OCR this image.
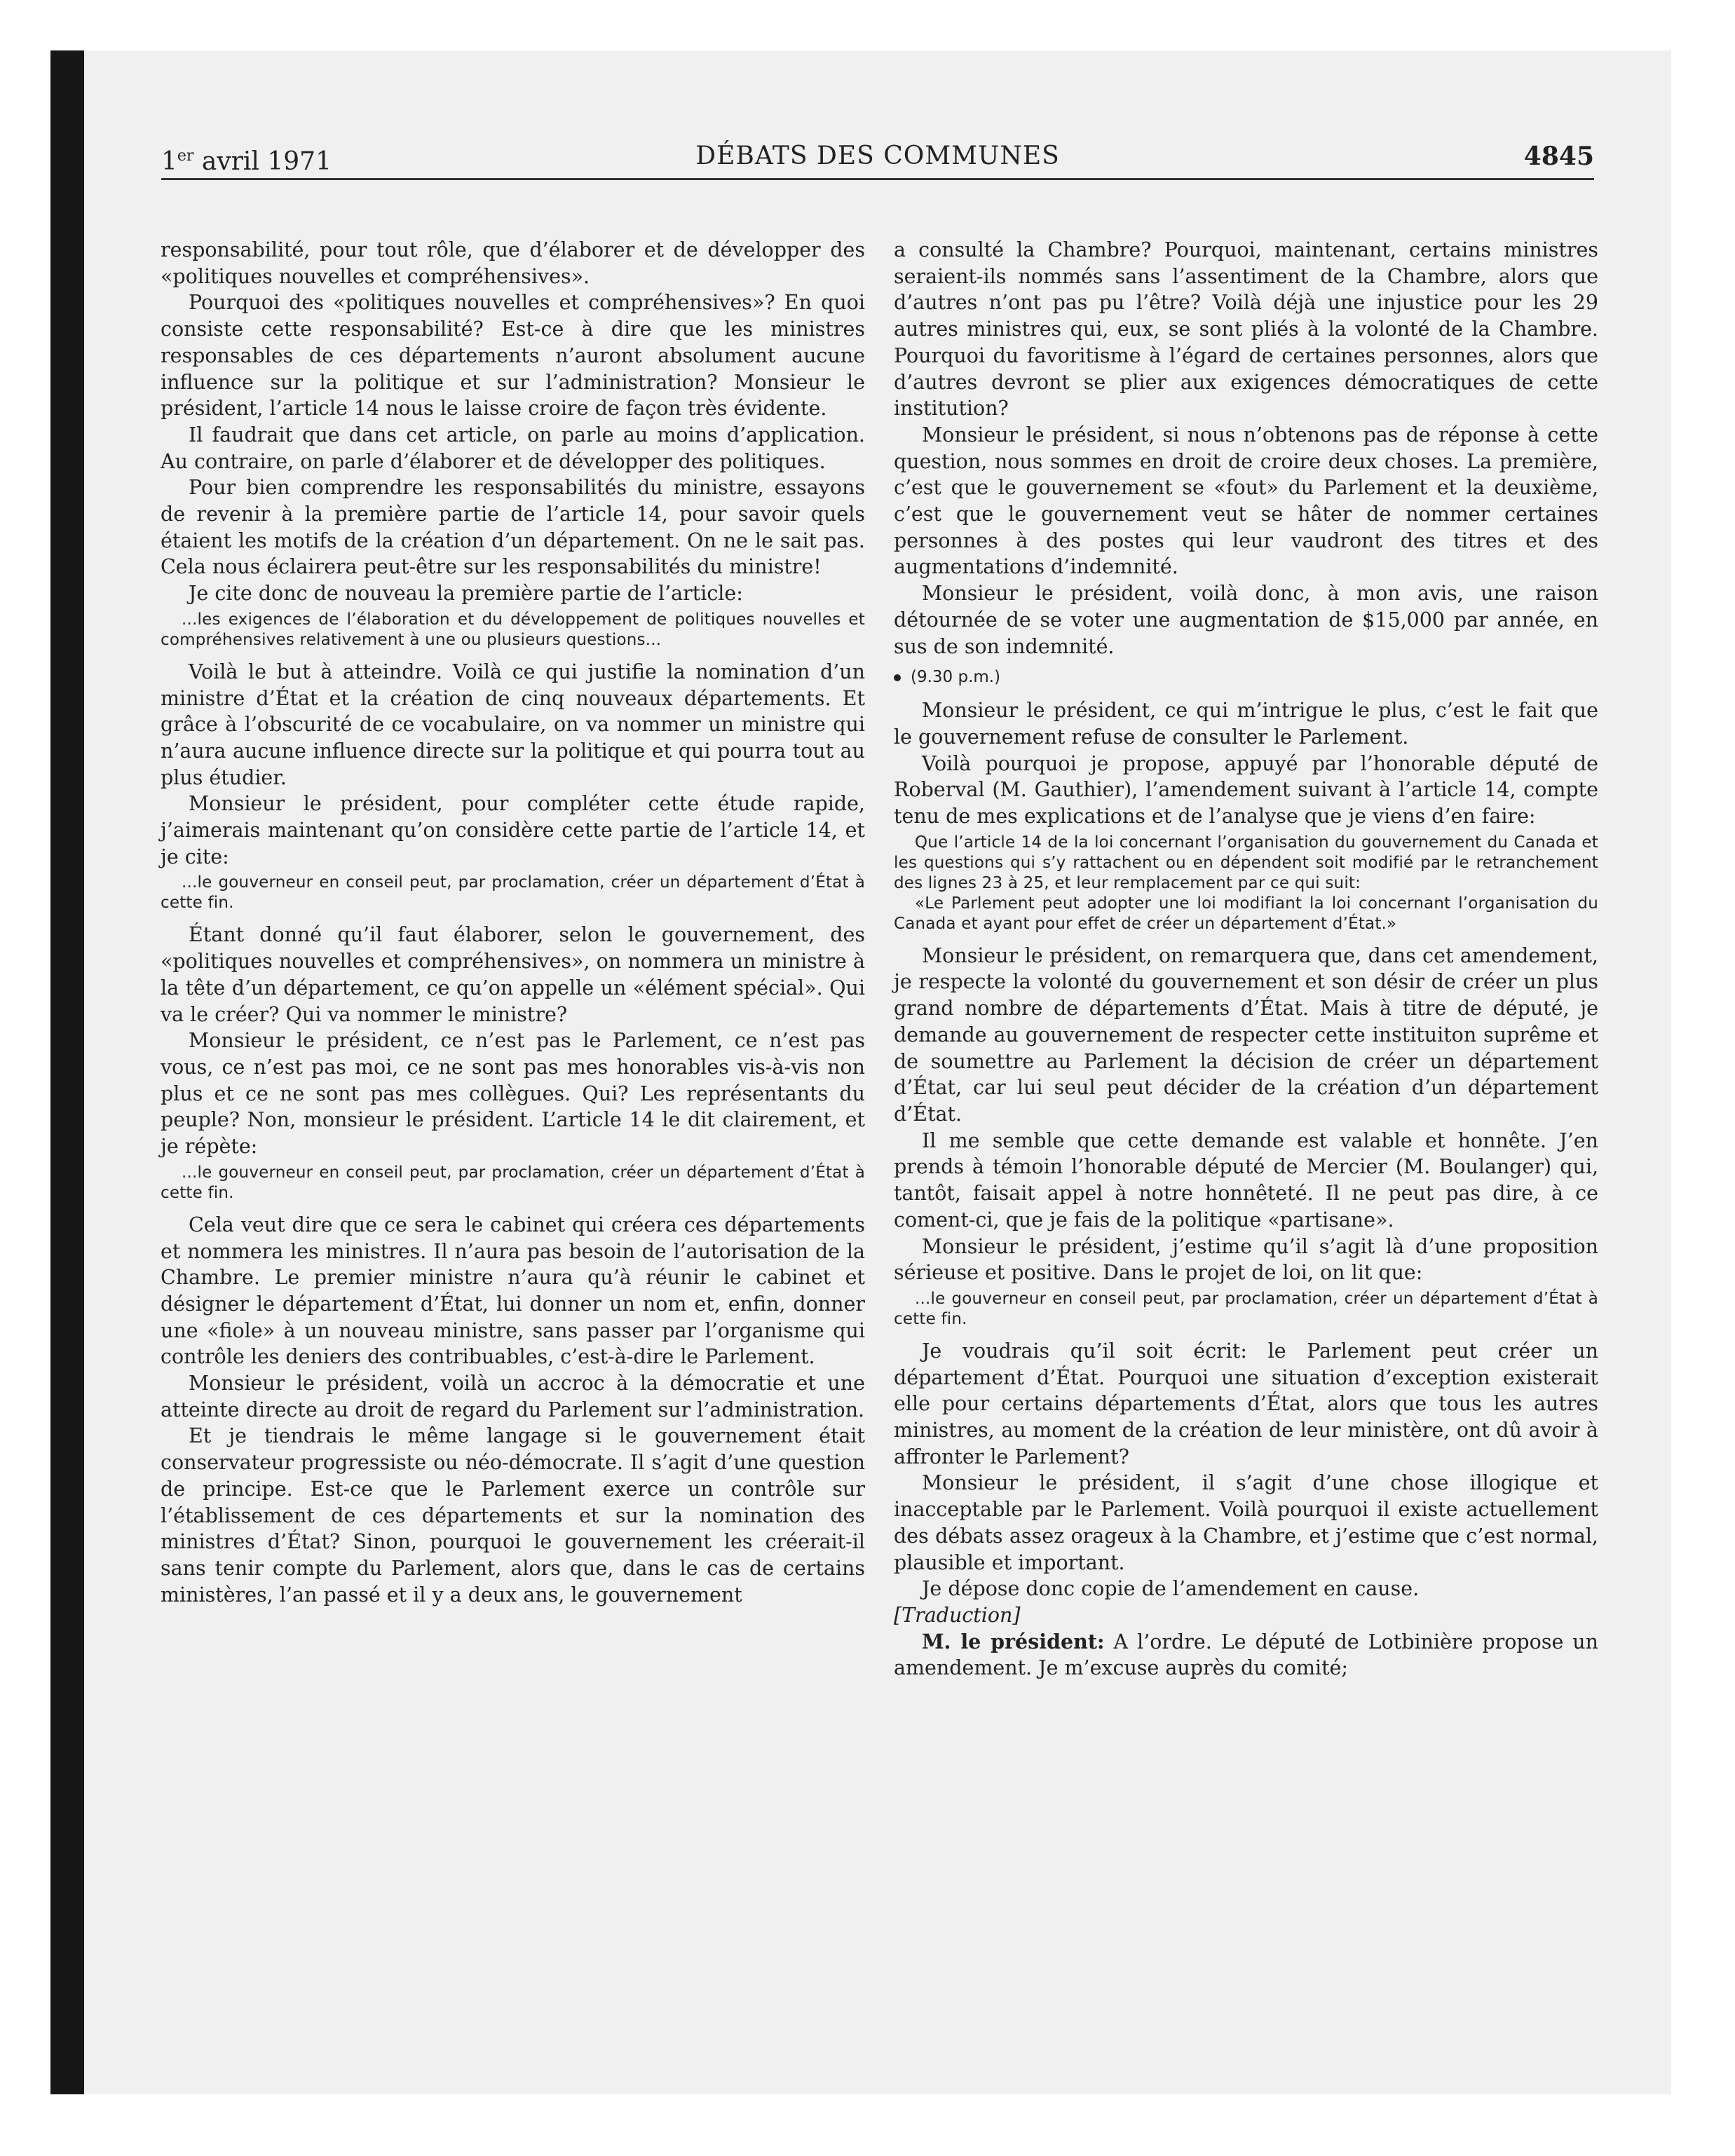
1er avril 1971	DÉBATS DES COMMUNES	4845

responsabilité, pour tout rôle, que d’élaborer et de développer des «politiques nouvelles et compréhensives».

Pourquoi des «politiques nouvelles et compréhensives»? En quoi consiste cette responsabilité? Est-ce à dire que les ministres responsables de ces départements n’auront absolument aucune influence sur la politique et sur l’administration? Monsieur le président, l’article 14 nous le laisse croire de façon très évidente.

Il faudrait que dans cet article, on parle au moins d’application. Au contraire, on parle d’élaborer et de développer des politiques.

Pour bien comprendre les responsabilités du ministre, essayons de revenir à la première partie de l’article 14, pour savoir quels étaient les motifs de la création d’un département. On ne le sait pas. Cela nous éclairera peut-être sur les responsabilités du ministre!

Je cite donc de nouveau la première partie de l’article:

...les exigences de l’élaboration et du développement de politiques nouvelles et compréhensives relativement à une ou plusieurs questions...

Voilà le but à atteindre. Voilà ce qui justifie la nomination d’un ministre d’État et la création de cinq nouveaux départements. Et grâce à l’obscurité de ce vocabulaire, on va nommer un ministre qui n’aura aucune influence directe sur la politique et qui pourra tout au plus étudier.

Monsieur le président, pour compléter cette étude rapide, j’aimerais maintenant qu’on considère cette partie de l’article 14, et je cite:

...le gouverneur en conseil peut, par proclamation, créer un département d’État à cette fin.

Étant donné qu’il faut élaborer, selon le gouvernement, des «politiques nouvelles et compréhensives», on nommera un ministre à la tête d’un département, ce qu’on appelle un «élément spécial». Qui va le créer? Qui va nommer le ministre?

Monsieur le président, ce n’est pas le Parlement, ce n’est pas vous, ce n’est pas moi, ce ne sont pas mes honorables vis-à-vis non plus et ce ne sont pas mes collègues. Qui? Les représentants du peuple? Non, monsieur le président. L’article 14 le dit clairement, et je répète:

...le gouverneur en conseil peut, par proclamation, créer un département d’État à cette fin.

Cela veut dire que ce sera le cabinet qui créera ces départements et nommera les ministres. Il n’aura pas besoin de l’autorisation de la Chambre. Le premier ministre n’aura qu’à réunir le cabinet et désigner le département d’État, lui donner un nom et, enfin, donner une «fiole» à un nouveau ministre, sans passer par l’organisme qui contrôle les deniers des contribuables, c’est-à-dire le Parlement.

Monsieur le président, voilà un accroc à la démocratie et une atteinte directe au droit de regard du Parlement sur l’administration.

Et je tiendrais le même langage si le gouvernement était conservateur progressiste ou néo-démocrate. Il s’agit d’une question de principe. Est-ce que le Parlement exerce un contrôle sur l’établissement de ces départements et sur la nomination des ministres d’État? Sinon, pourquoi le gouvernement les créerait-il sans tenir compte du Parlement, alors que, dans le cas de certains ministères, l’an passé et il y a deux ans, le gouvernement

a consulté la Chambre? Pourquoi, maintenant, certains ministres seraient-ils nommés sans l’assentiment de la Chambre, alors que d’autres n’ont pas pu l’être? Voilà déjà une injustice pour les 29 autres ministres qui, eux, se sont pliés à la volonté de la Chambre. Pourquoi du favoritisme à l’égard de certaines personnes, alors que d’autres devront se plier aux exigences démocratiques de cette institution?

Monsieur le président, si nous n’obtenons pas de réponse à cette question, nous sommes en droit de croire deux choses. La première, c’est que le gouvernement se «fout» du Parlement et la deuxième, c’est que le gouvernement veut se hâter de nommer certaines personnes à des postes qui leur vaudront des titres et des augmentations d’indemnité.

Monsieur le président, voilà donc, à mon avis, une raison détournée de se voter une augmentation de $15,000 par année, en sus de son indemnité.

(9.30 p.m.)

Monsieur le président, ce qui m’intrigue le plus, c’est le fait que le gouvernement refuse de consulter le Parlement.

Voilà pourquoi je propose, appuyé par l’honorable député de Roberval (M. Gauthier), l’amendement suivant à l’article 14, compte tenu de mes explications et de l’analyse que je viens d’en faire:

Que l’article 14 de la loi concernant l’organisation du gouvernement du Canada et les questions qui s’y rattachent ou en dépendent soit modifié par le retranchement des lignes 23 à 25, et leur remplacement par ce qui suit:

«Le Parlement peut adopter une loi modifiant la loi concernant l’organisation du Canada et ayant pour effet de créer un département d’État.»

Monsieur le président, on remarquera que, dans cet amendement, je respecte la volonté du gouvernement et son désir de créer un plus grand nombre de départements d’État. Mais à titre de député, je demande au gouvernement de respecter cette instituiton suprême et de soumettre au Parlement la décision de créer un département d’État, car lui seul peut décider de la création d’un département d’État.

Il me semble que cette demande est valable et honnête. J’en prends à témoin l’honorable député de Mercier (M. Boulanger) qui, tantôt, faisait appel à notre honnêteté. Il ne peut pas dire, à ce coment-ci, que je fais de la politique «partisane».

Monsieur le président, j’estime qu’il s’agit là d’une proposition sérieuse et positive. Dans le projet de loi, on lit que:

...le gouverneur en conseil peut, par proclamation, créer un département d’État à cette fin.

Je voudrais qu’il soit écrit: le Parlement peut créer un département d’État. Pourquoi une situation d’exception existerait elle pour certains départements d’État, alors que tous les autres ministres, au moment de la création de leur ministère, ont dû avoir à affronter le Parlement?

Monsieur le président, il s’agit d’une chose illogique et inacceptable par le Parlement. Voilà pourquoi il existe actuellement des débats assez orageux à la Chambre, et j’estime que c’est normal, plausible et important.

Je dépose donc copie de l’amendement en cause.

[Traduction]

M. le président: A l’ordre. Le député de Lotbinière propose un amendement. Je m’excuse auprès du comité;
